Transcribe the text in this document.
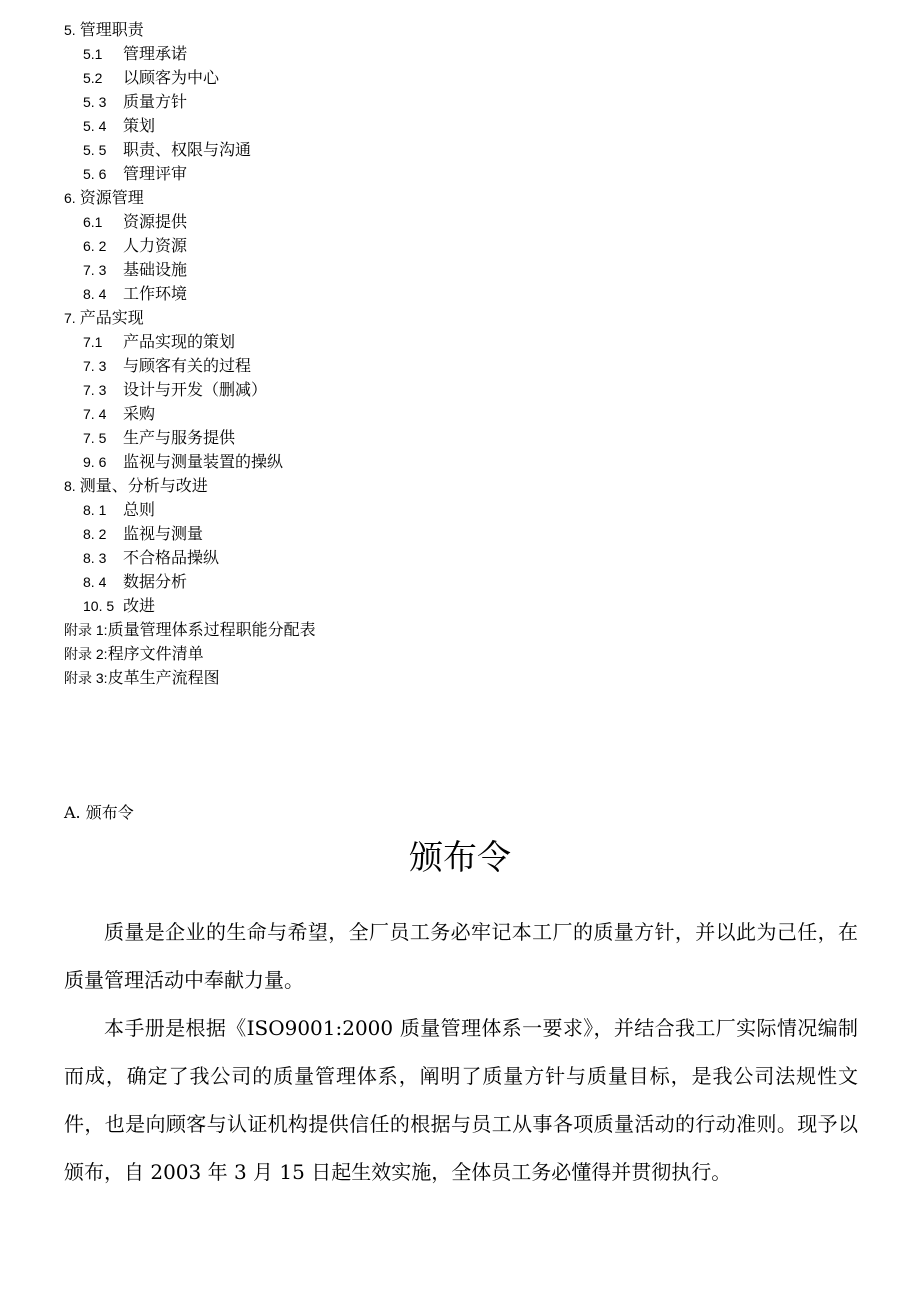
5. 管理职责
5.1 管理承诺
5.2 以顾客为中心
5. 3 质量方针
5. 4 策划
5. 5 职责、权限与沟通
5. 6 管理评审
6. 资源管理
6.1 资源提供
6. 2 人力资源
7. 3 基础设施
8. 4 工作环境
7. 产品实现
7.1 产品实现的策划
7. 3 与顾客有关的过程
7. 3 设计与开发（删减）
7. 4 采购
7. 5 生产与服务提供
9. 6 监视与测量装置的操纵
8. 测量、分析与改进
8. 1 总则
8. 2 监视与测量
8. 3 不合格品操纵
8. 4 数据分析
10. 5 改进
附录 1:质量管理体系过程职能分配表
附录 2:程序文件清单
附录 3:皮革生产流程图
A. 颁布令
颁布令

质量是企业的生命与希望，全厂员工务必牢记本工厂的质量方针，并以此为己任，在质量管理活动中奉献力量。

本手册是根据《ISO9001:2000 质量管理体系一要求》，并结合我工厂实际情况编制而成，确定了我公司的质量管理体系，阐明了质量方针与质量目标，是我公司法规性文件，也是向顾客与认证机构提供信任的根据与员工从事各项质量活动的行动准则。现予以颁布，自 2003 年 3 月 15 日起生效实施，全体员工务必懂得并贯彻执行。
